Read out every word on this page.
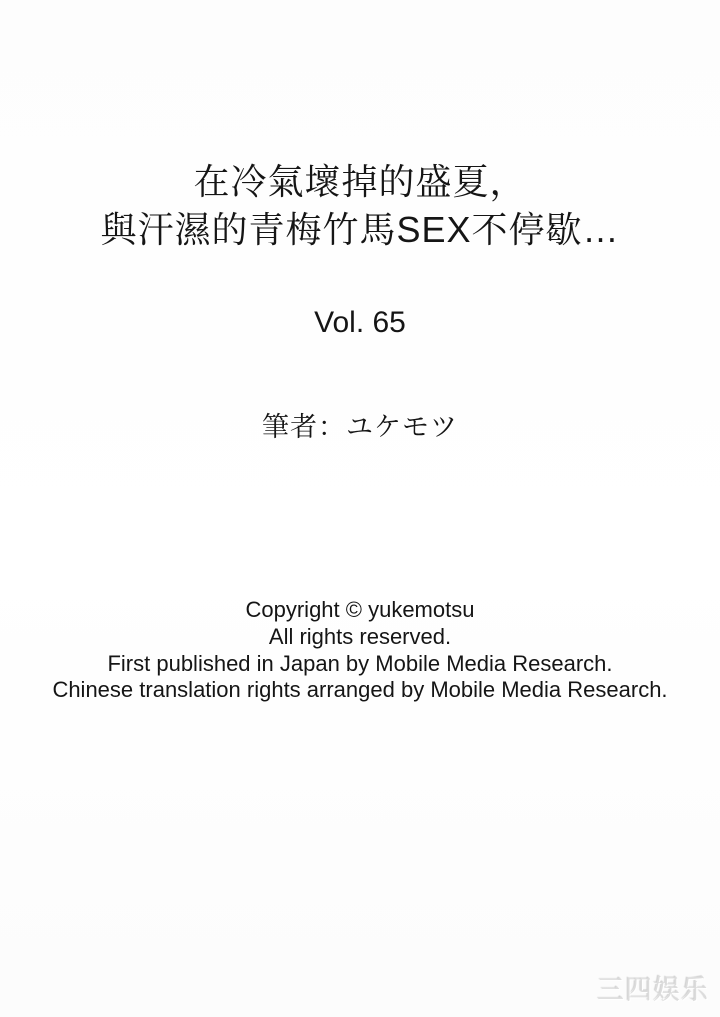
在冷氣壞掉的盛夏，
與汗濕的青梅竹馬SEX不停歇…
Vol. 65
筆者：ユケモツ
Copyright © yukemotsu
All rights reserved.
First published in Japan by Mobile Media Research.
Chinese translation rights arranged by Mobile Media Research.
三四娱乐
